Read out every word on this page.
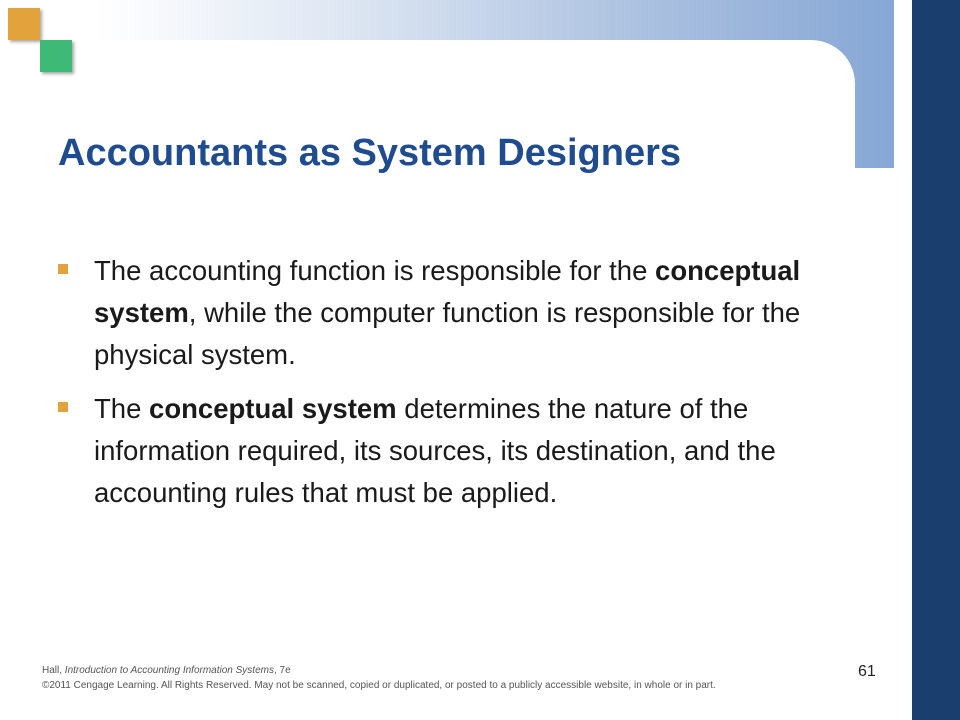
Accountants as System Designers
The accounting function is responsible for the conceptual system, while the computer function is responsible for the physical system.
The conceptual system determines the nature of the information required, its sources, its destination, and the accounting rules that must be applied.
Hall, Introduction to Accounting Information Systems, 7e
©2011 Cengage Learning. All Rights Reserved. May not be scanned, copied or duplicated, or posted to a publicly accessible website, in whole or in part.
61
